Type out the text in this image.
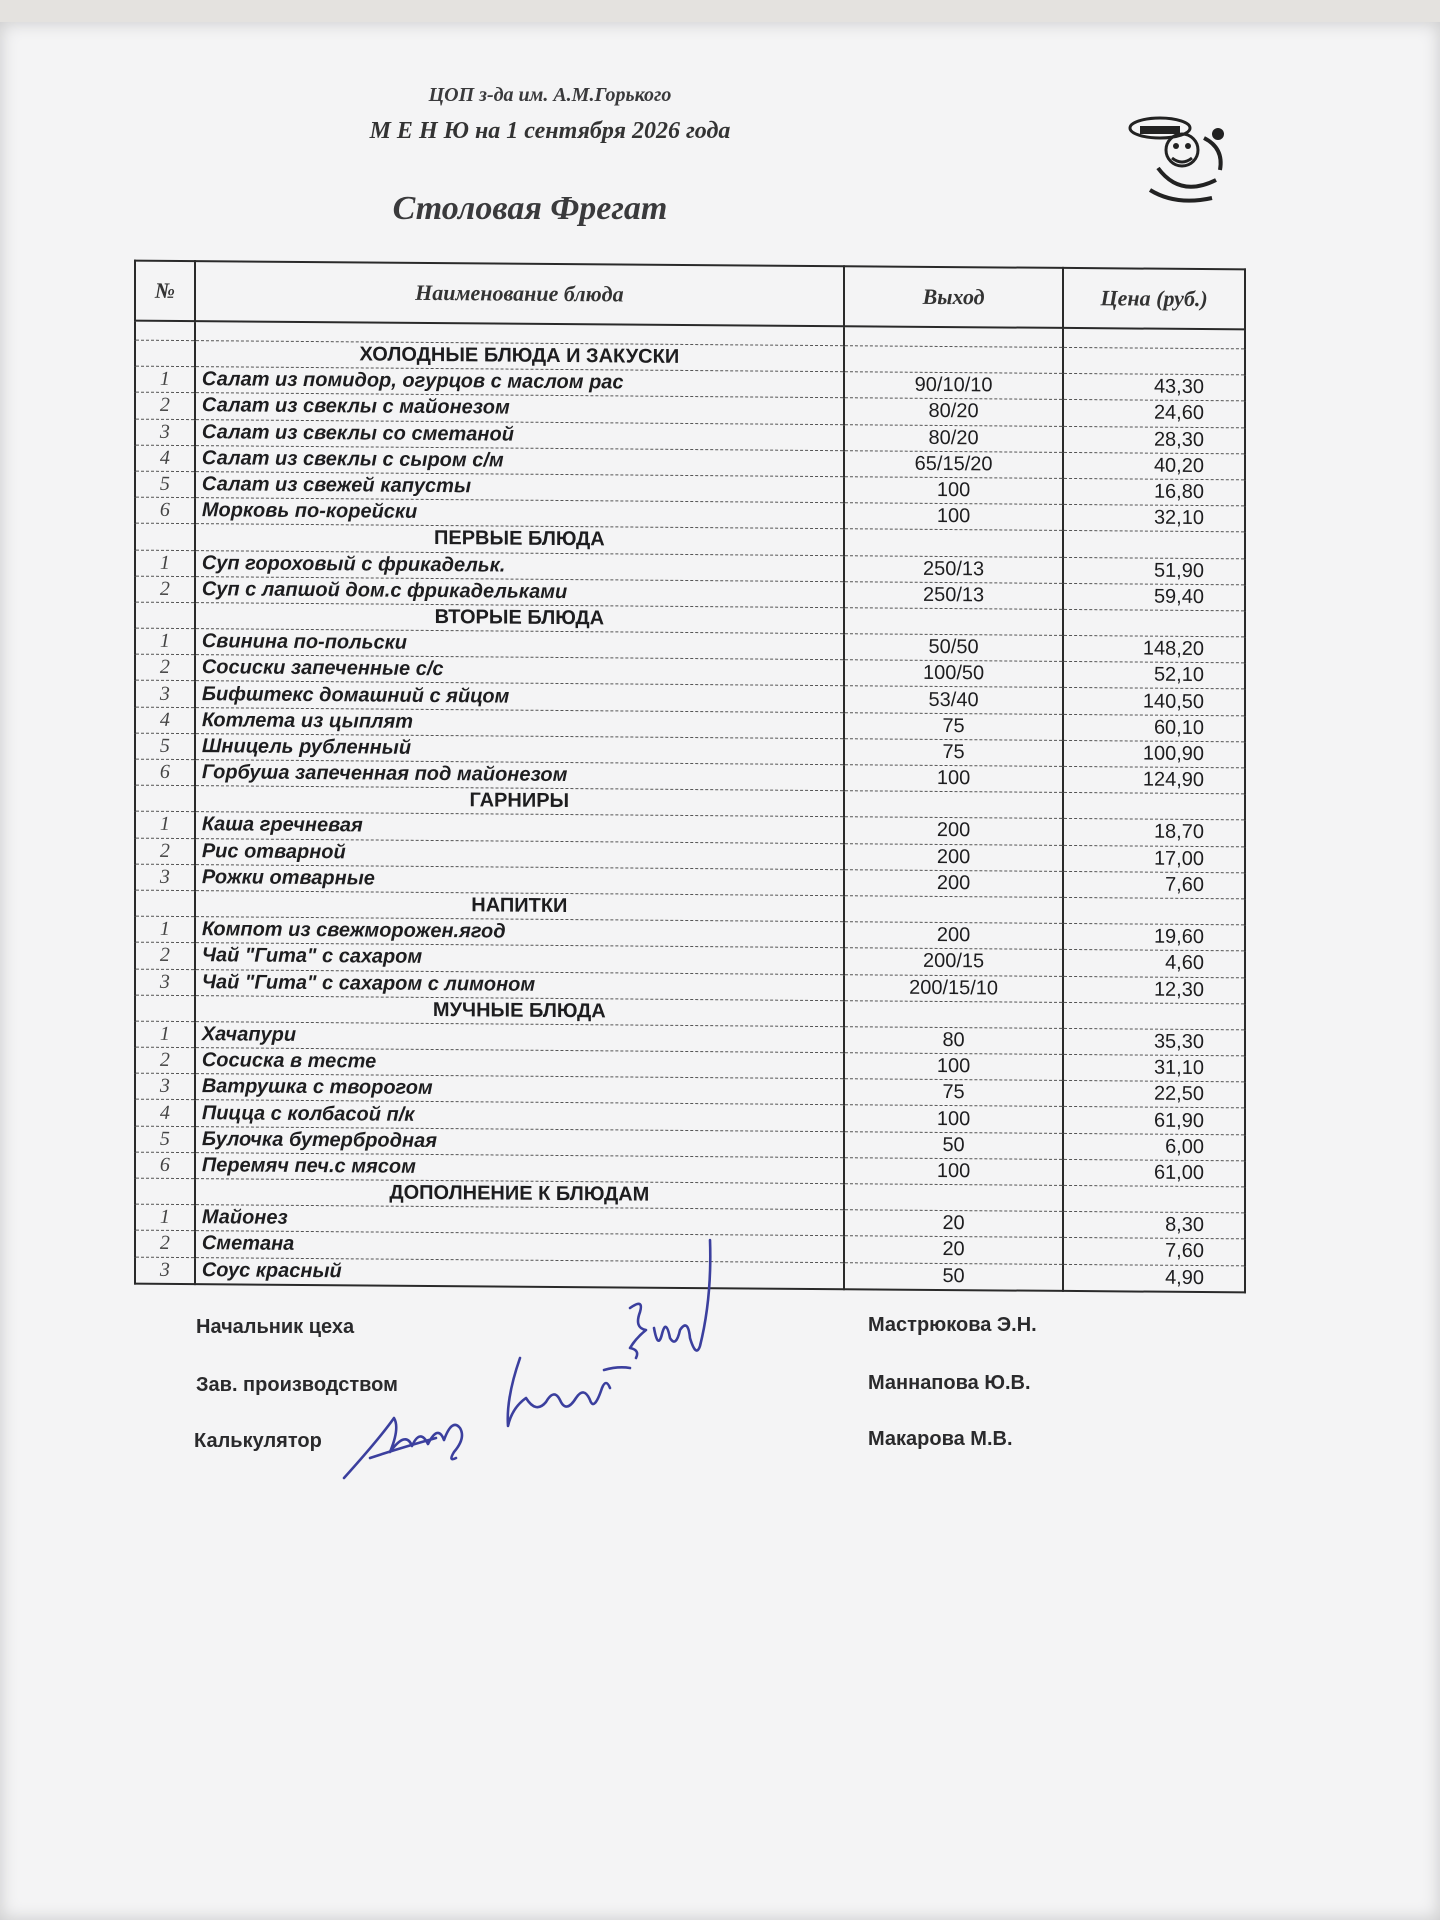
ЦОП з-да им. А.М.Горького
М Е Н Ю на 1 сентября 2026 года
Столовая Фрегат
№	Наименование блюда	Выход	Цена (руб.)

	ХОЛОДНЫЕ БЛЮДА И ЗАКУСКИ		
1	Салат из помидор, огурцов с маслом рас	90/10/10	43,30
2	Салат из свеклы с майонезом	80/20	24,60
3	Салат из свеклы со сметаной	80/20	28,30
4	Салат из свеклы с сыром с/м	65/15/20	40,20
5	Салат из свежей капусты	100	16,80
6	Морковь по-корейски	100	32,10
	ПЕРВЫЕ БЛЮДА		
1	Суп гороховый с фрикадельк.	250/13	51,90
2	Суп с лапшой дом.с фрикадельками	250/13	59,40
	ВТОРЫЕ БЛЮДА		
1	Свинина по-польски	50/50	148,20
2	Сосиски запеченные с/с	100/50	52,10
3	Бифштекс домашний с яйцом	53/40	140,50
4	Котлета из цыплят	75	60,10
5	Шницель рубленный	75	100,90
6	Горбуша запеченная под майонезом	100	124,90
	ГАРНИРЫ		
1	Каша гречневая	200	18,70
2	Рис отварной	200	17,00
3	Рожки отварные	200	7,60
	НАПИТКИ		
1	Компот из свежморожен.ягод	200	19,60
2	Чай "Гита" с сахаром	200/15	4,60
3	Чай "Гита" с сахаром с лимоном	200/15/10	12,30
	МУЧНЫЕ БЛЮДА		
1	Хачапури	80	35,30
2	Сосиска в тесте	100	31,10
3	Ватрушка с творогом	75	22,50
4	Пицца с колбасой п/к	100	61,90
5	Булочка бутербродная	50	6,00
6	Перемяч печ.с мясом	100	61,00
	ДОПОЛНЕНИЕ К БЛЮДАМ		
1	Майонез	20	8,30
2	Сметана	20	7,60
3	Соус красный	50	4,90
Начальник цеха	Мастрюкова Э.Н.
Зав. производством	Маннапова Ю.В.
Калькулятор	Макарова М.В.
